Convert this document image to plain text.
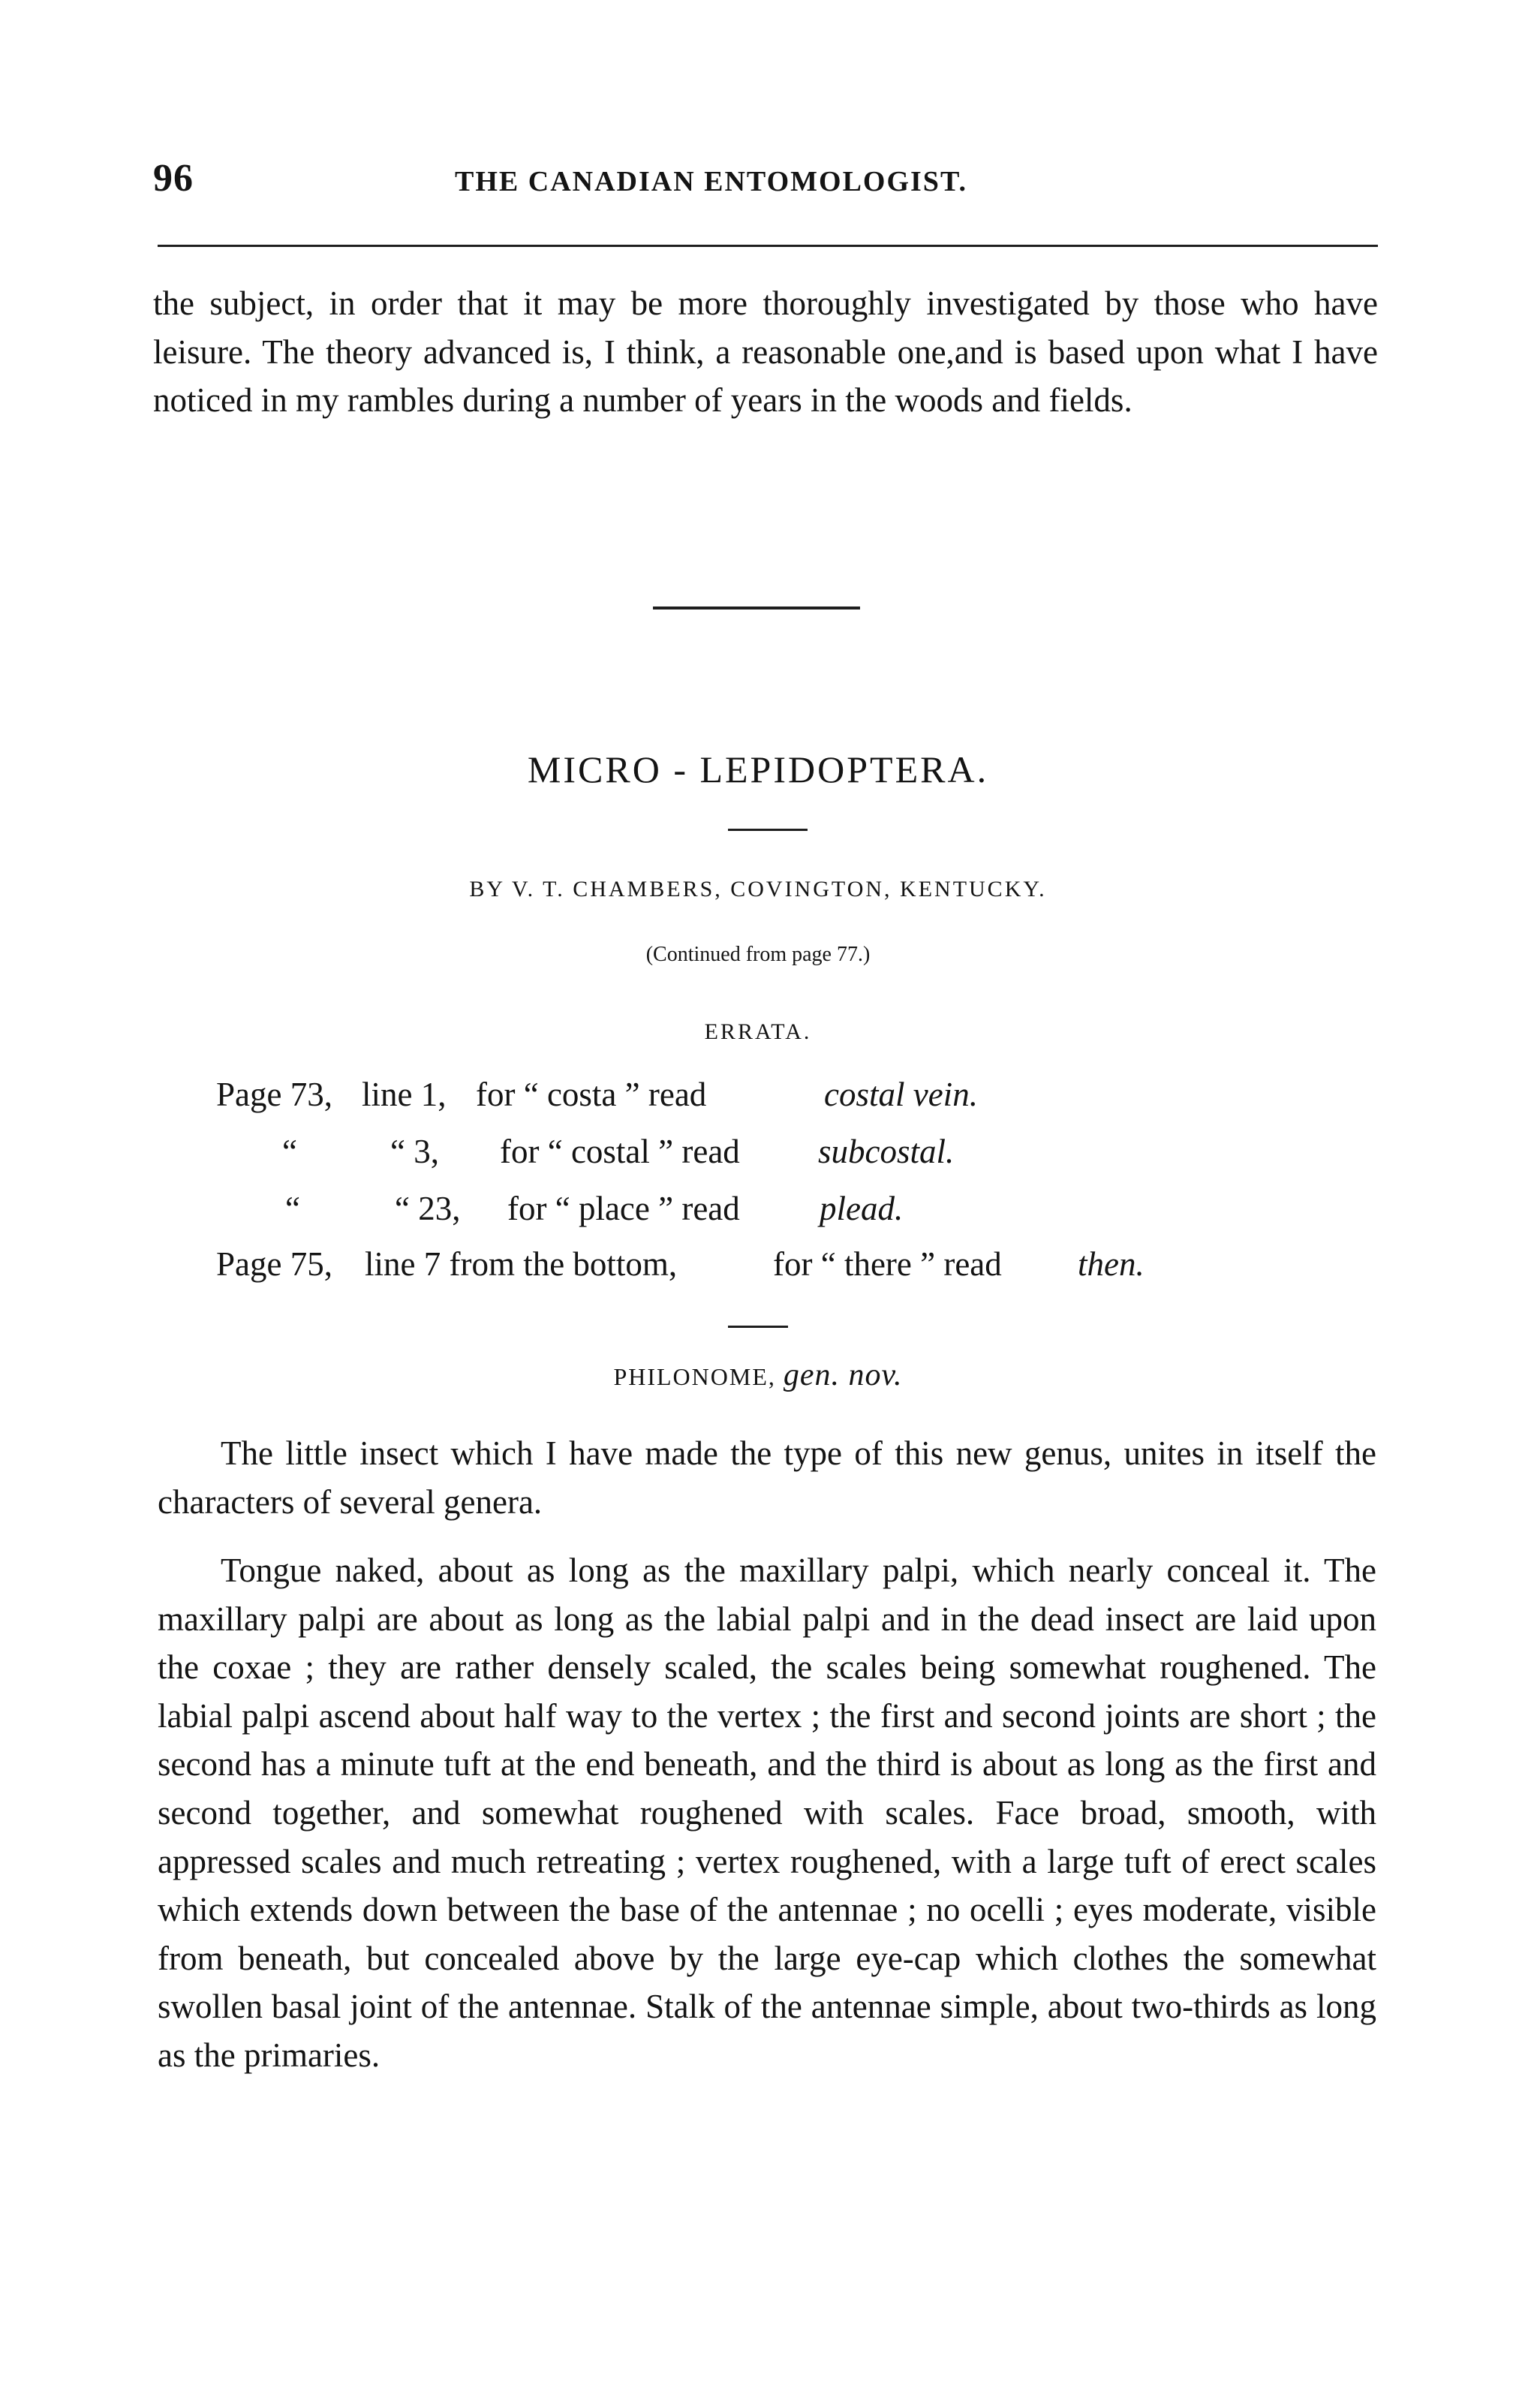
96	THE CANADIAN ENTOMOLOGIST.

the subject, in order that it may be more thoroughly investigated by those who have leisure. The theory advanced is, I think, a reasonable one,and is based upon what I have noticed in my rambles during a number of years in the woods and fields.

MICRO - LEPIDOPTERA.
BY V. T. CHAMBERS, COVINGTON, KENTUCKY.
(Continued from page 77.)
ERRATA.
Page 73, line 1, for “ costa ” read	costal vein.
“	“ 3, for “ costal ” read subcostal.
“	“ 23, for “ place ” read plead.
Page 75, line 7 from the bottom,	for “ there ” read then.
PHILONOME, gen. nov.

The little insect which I have made the type of this new genus, unites in itself the characters of several genera.

Tongue naked, about as long as the maxillary palpi, which nearly conceal it. The maxillary palpi are about as long as the labial palpi and in the dead insect are laid upon the coxae ; they are rather densely scaled, the scales being somewhat roughened. The labial palpi ascend about half way to the vertex ; the first and second joints are short ; the second has a minute tuft at the end beneath, and the third is about as long as the first and second together, and somewhat roughened with scales. Face broad, smooth, with appressed scales and much retreating ; vertex roughened, with a large tuft of erect scales which extends down between the base of the antennae ; no ocelli ; eyes moderate, visible from beneath, but concealed above by the large eye-cap which clothes the somewhat swollen basal joint of the antennae. Stalk of the antennae simple, about two-thirds as long as the primaries.
